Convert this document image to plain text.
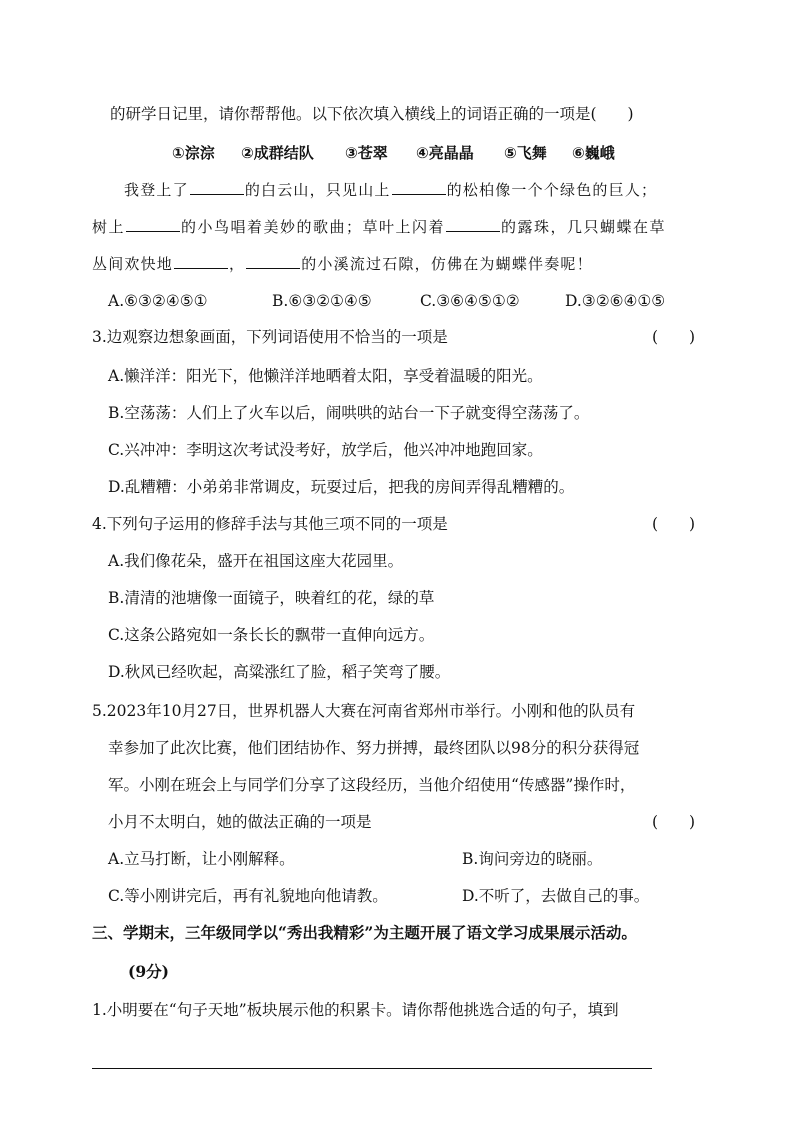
的研学日记里，请你帮帮他。以下依次填入横线上的词语正确的一项是(　　)
①淙淙 ②成群结队 ③苍翠 ④亮晶晶 ⑤飞舞 ⑥巍峨
我登上了	的白云山，只见山上	的松柏像一个个绿色的巨人；
树上	的小鸟唱着美妙的歌曲；草叶上闪着	的露珠，几只蝴蝶在草
丛间欢快地	，	的小溪流过石隙，仿佛在为蝴蝶伴奏呢！
A.⑥③②④⑤①	B.⑥③②①④⑤	C.③⑥④⑤①②	D.③②⑥④①⑤
3.边观察边想象画面，下列词语使用不恰当的一项是	(　　)
A.懒洋洋：阳光下，他懒洋洋地晒着太阳，享受着温暖的阳光。
B.空荡荡：人们上了火车以后，闹哄哄的站台一下子就变得空荡荡了。
C.兴冲冲：李明这次考试没考好，放学后，他兴冲冲地跑回家。
D.乱糟糟：小弟弟非常调皮，玩耍过后，把我的房间弄得乱糟糟的。
4.下列句子运用的修辞手法与其他三项不同的一项是	(　　)
A.我们像花朵，盛开在祖国这座大花园里。
B.清清的池塘像一面镜子，映着红的花，绿的草
C.这条公路宛如一条长长的飘带一直伸向远方。
D.秋风已经吹起，高粱涨红了脸，稻子笑弯了腰。
5.2023年10月27日，世界机器人大赛在河南省郑州市举行。小刚和他的队员有
幸参加了此次比赛，他们团结协作、努力拼搏，最终团队以98分的积分获得冠
军。小刚在班会上与同学们分享了这段经历，当他介绍使用“传感器”操作时，
小月不太明白，她的做法正确的一项是	(　　)
A.立马打断，让小刚解释。	B.询问旁边的晓丽。
C.等小刚讲完后，再有礼貌地向他请教。	D.不听了，去做自己的事。
三、学期末，三年级同学以“秀出我精彩”为主题开展了语文学习成果展示活动。
(9分)
1.小明要在“句子天地”板块展示他的积累卡。请你帮他挑选合适的句子，填到
